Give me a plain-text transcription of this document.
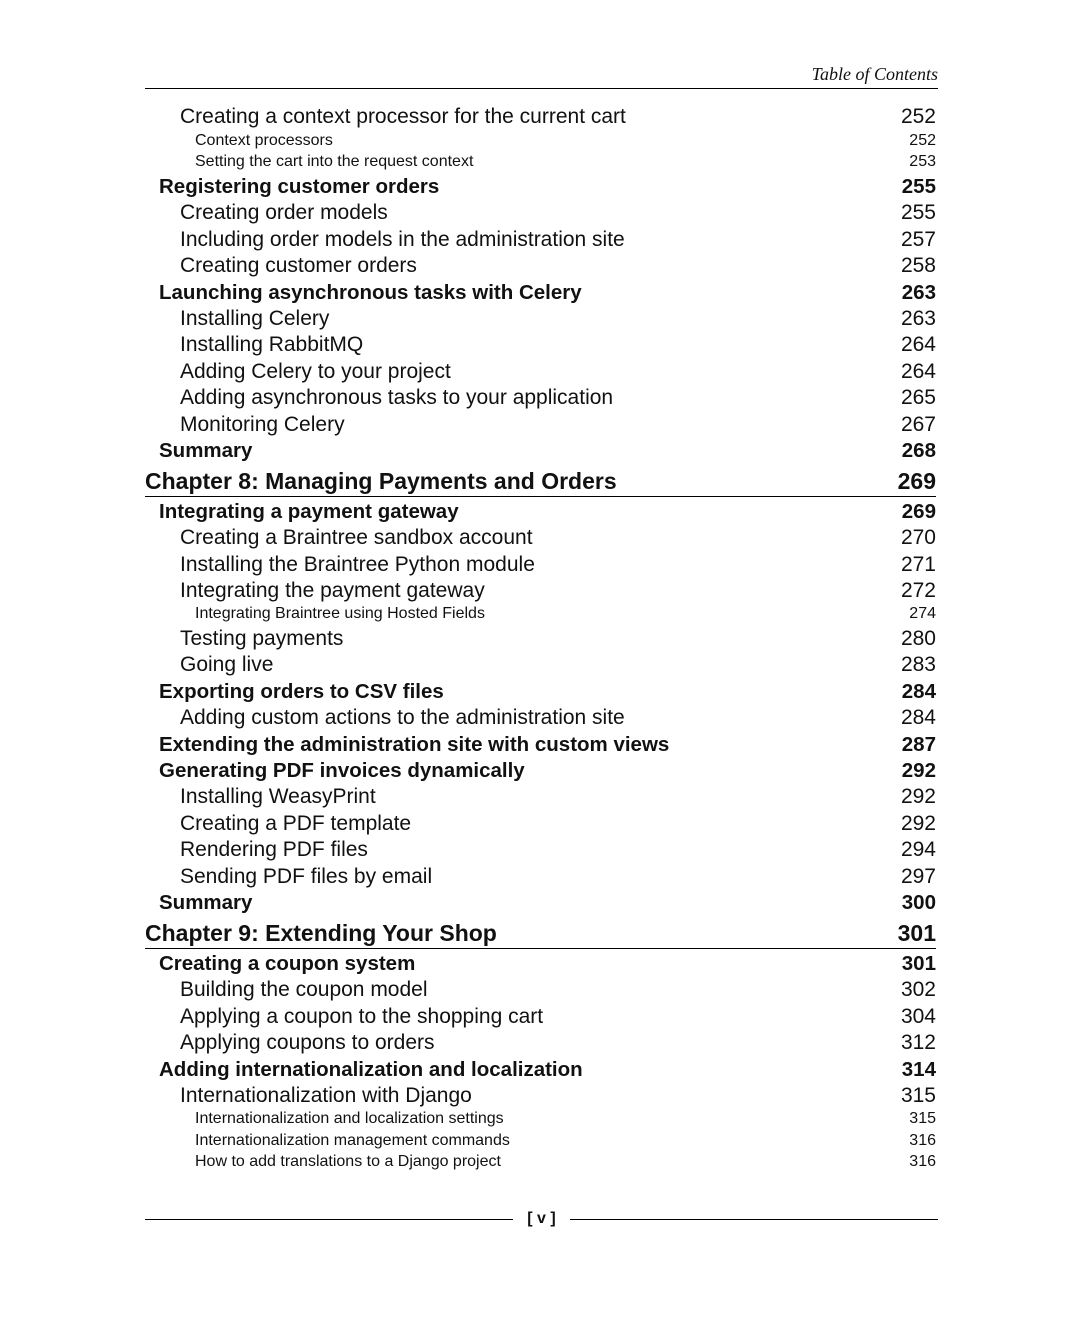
Table of Contents
Creating a context processor for the current cart	252
Context processors	252
Setting the cart into the request context	253
Registering customer orders	255
Creating order models	255
Including order models in the administration site	257
Creating customer orders	258
Launching asynchronous tasks with Celery	263
Installing Celery	263
Installing RabbitMQ	264
Adding Celery to your project	264
Adding asynchronous tasks to your application	265
Monitoring Celery	267
Summary	268
Chapter 8: Managing Payments and Orders	269
Integrating a payment gateway	269
Creating a Braintree sandbox account	270
Installing the Braintree Python module	271
Integrating the payment gateway	272
Integrating Braintree using Hosted Fields	274
Testing payments	280
Going live	283
Exporting orders to CSV files	284
Adding custom actions to the administration site	284
Extending the administration site with custom views	287
Generating PDF invoices dynamically	292
Installing WeasyPrint	292
Creating a PDF template	292
Rendering PDF files	294
Sending PDF files by email	297
Summary	300
Chapter 9: Extending Your Shop	301
Creating a coupon system	301
Building the coupon model	302
Applying a coupon to the shopping cart	304
Applying coupons to orders	312
Adding internationalization and localization	314
Internationalization with Django	315
Internationalization and localization settings	315
Internationalization management commands	316
How to add translations to a Django project	316
[ v ]
